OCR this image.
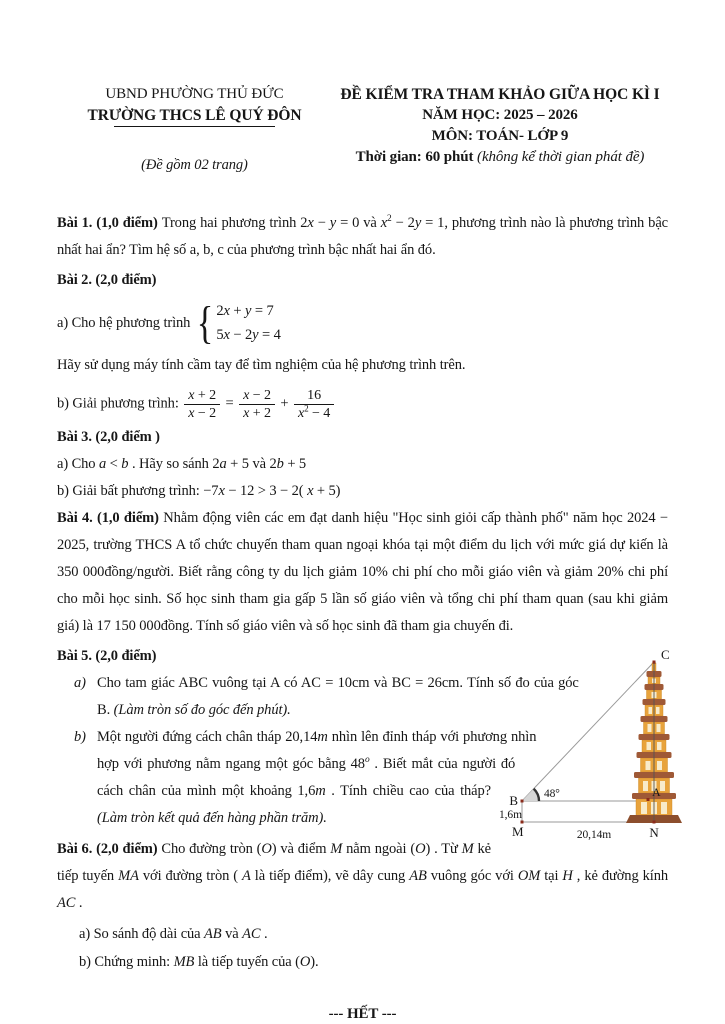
UBND PHƯỜNG THỦ ĐỨC
TRƯỜNG THCS LÊ QUÝ ĐÔN
(Đề gồm 02 trang)
ĐỀ KIỂM TRA THAM KHẢO GIỮA HỌC KÌ I
NĂM HỌC: 2025 – 2026
MÔN: TOÁN- LỚP 9
Thời gian: 60 phút (không kể thời gian phát đề)

Bài 1. (1,0 điểm) Trong hai phương trình 2x − y = 0 và $x^2 - 2y = 1$, phương trình nào là phương trình bậc nhất hai ẩn? Tìm hệ số a, b, c của phương trình bậc nhất hai ẩn đó.

Bài 2. (2,0 điểm)

a) Cho hệ phương trình { 2x + y = 7
5x − 2y = 4

Hãy sử dụng máy tính cầm tay để tìm nghiệm của hệ phương trình trên.

b) Giải phương trình: $\frac{x + 2}{x - 2} = \frac{x - 2}{x + 2} + \frac{16}{x^2 - 4}$

Bài 3. (2,0 điểm )

a) Cho a < b . Hãy so sánh 2a + 5 và 2b + 5

b) Giải bất phương trình: −7x − 12 > 3 − 2( x + 5)

Bài 4. (1,0 điểm) Nhằm động viên các em đạt danh hiệu "Học sinh giỏi cấp thành phố" năm học 2024 − 2025, trường THCS A tổ chức chuyến tham quan ngoại khóa tại một điểm du lịch với mức giá dự kiến là 350 000đồng/người. Biết rằng công ty du lịch giảm 10% chi phí cho mỗi giáo viên và giảm 20% chi phí cho mỗi học sinh. Số học sinh tham gia gấp 5 lần số giáo viên và tổng chi phí tham quan (sau khi giảm giá) là 17 150 000đồng. Tính số giáo viên và số học sinh đã tham gia chuyến đi.

C
B
M	N
A
48°
1,6m
20,14m

Bài 5. (2,0 điểm)

a) Cho tam giác ABC vuông tại A có AC = 10cm và BC = 26cm. Tính số đo của góc B. (Làm tròn số đo góc đến phút).

b) Một người đứng cách chân tháp 20,14m nhìn lên đỉnh tháp với phương nhìn hợp với phương nằm ngang một góc bằng 48$^o$ . Biết mắt của người đó cách chân của mình một khoảng 1,6m . Tính chiều cao của tháp? (Làm tròn kết quả đến hàng phần trăm).

Bài 6. (2,0 điểm) Cho đường tròn (O) và điểm M nằm ngoài (O) . Từ M kẻ tiếp tuyến MA với đường tròn ( A là tiếp điểm), vẽ dây cung AB vuông góc với OM tại H , kẻ đường kính AC .

a) So sánh độ dài của AB và AC .

b) Chứng minh: MB là tiếp tuyến của (O).

--- HẾT ---
